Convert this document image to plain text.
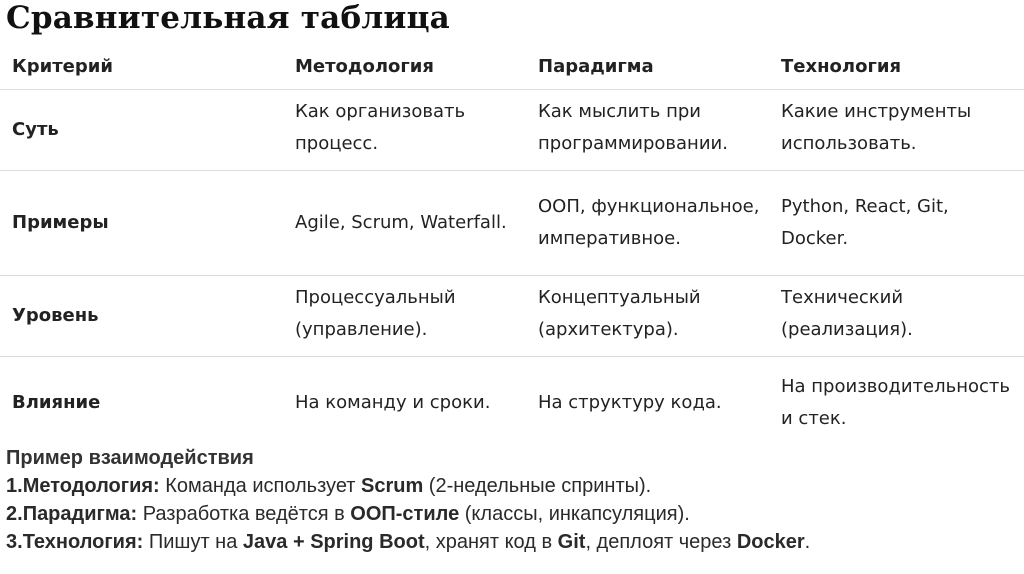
Сравнительная таблица
Критерий	Методология	Парадигма	Технология
Суть	Как организовать процесс.	Как мыслить при программировании.	Какие инструменты использовать.
Примеры	Agile, Scrum, Waterfall.	ООП, функциональное, императивное.	Python, React, Git, Docker.
Уровень	Процессуальный (управление).	Концептуальный (архитектура).	Технический (реализация).
Влияние	На команду и сроки.	На структуру кода.	На производительность и стек.
Пример взаимодействия
1.Методология: Команда использует Scrum (2-недельные спринты).
2.Парадигма: Разработка ведётся в ООП-стиле (классы, инкапсуляция).
3.Технология: Пишут на Java + Spring Boot, хранят код в Git, деплоят через Docker.
